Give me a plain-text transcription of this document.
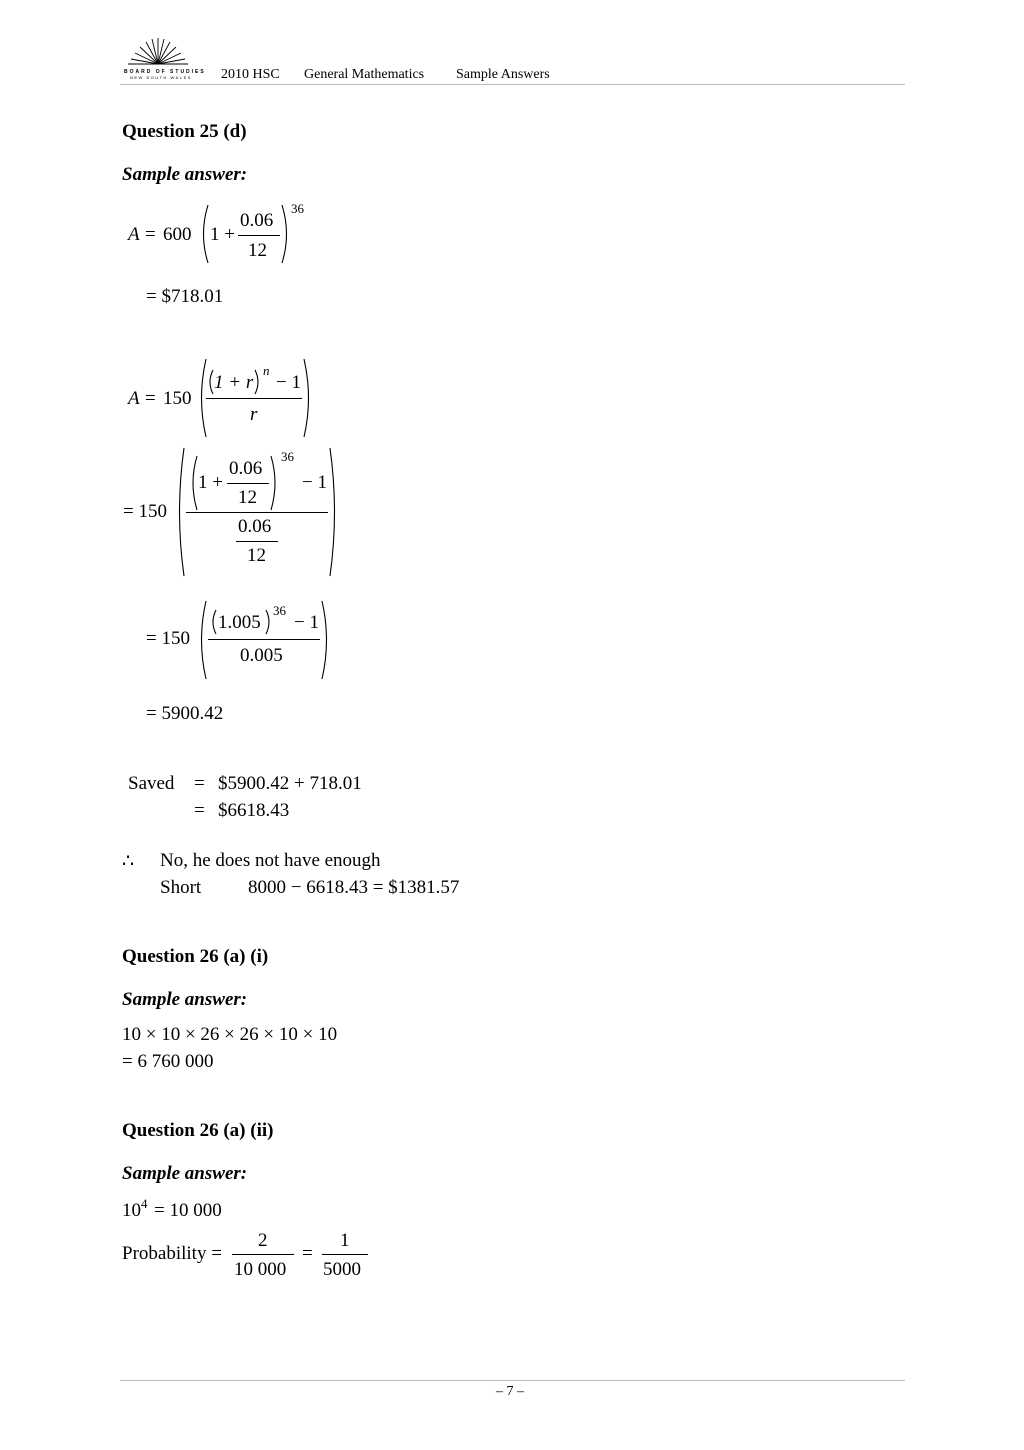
BOARD OF STUDIES
NEW SOUTH WALES 2010 HSC General Mathematics Sample Answers
Question 25 (d)
Sample answer:
A = 600 1 +
0.06
12
36
= $718.01
A = 150
1 + r
n
− 1
r
= 150
1 +
0.06
12
36
− 1
0.06
12
= 150
1.005
36
− 1
0.005
= 5900.42
Saved = $5900.42 + 718.01
= $6618.43
∴ No, he does not have enough
Short 8000 − 6618.43 = $1381.57
Question 26 (a) (i)
Sample answer:
10 × 10 × 26 × 26 × 10 × 10
= 6 760 000
Question 26 (a) (ii)
Sample answer:
10 4 = 10 000
Probability =
2
10 000
=
1
5000
– 7 –
